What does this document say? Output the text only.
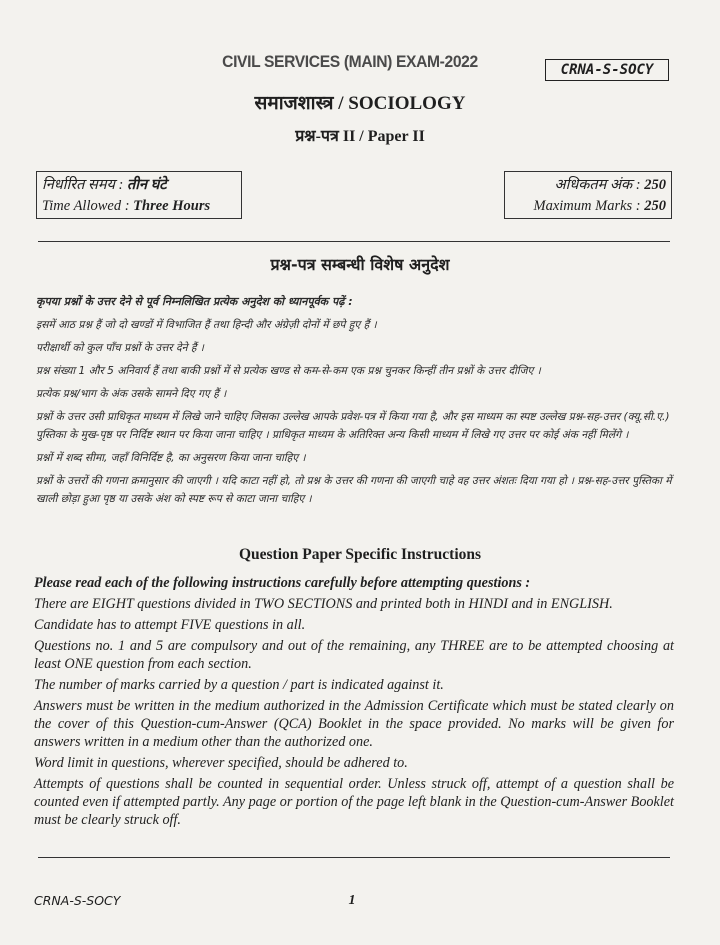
CIVIL SERVICES (MAIN) EXAM-2022	CRNA-S-SOCY
समाजशास्त्र / SOCIOLOGY
प्रश्न-पत्र II / Paper II
निर्धारित समय : तीन घंटे
Time Allowed : Three Hours
अधिकतम अंक : 250
Maximum Marks : 250
प्रश्न-पत्र सम्बन्धी विशेष अनुदेश

कृपया प्रश्नों के उत्तर देने से पूर्व निम्नलिखित प्रत्येक अनुदेश को ध्यानपूर्वक पढ़ें :

इसमें आठ प्रश्न हैं जो दो खण्डों में विभाजित हैं तथा हिन्दी और अंग्रेज़ी दोनों में छपे हुए हैं ।

परीक्षार्थी को कुल पाँच प्रश्नों के उत्तर देने हैं ।

प्रश्न संख्या 1 और 5 अनिवार्य हैं तथा बाकी प्रश्नों में से प्रत्येक खण्ड से कम-से-कम एक प्रश्न चुनकर किन्हीं तीन प्रश्नों के उत्तर दीजिए ।

प्रत्येक प्रश्न/भाग के अंक उसके सामने दिए गए हैं ।

प्रश्नों के उत्तर उसी प्राधिकृत माध्यम में लिखे जाने चाहिए जिसका उल्लेख आपके प्रवेश-पत्र में किया गया है, और इस माध्यम का स्पष्ट उल्लेख प्रश्न-सह-उत्तर (क्यू.सी.ए.) पुस्तिका के मुख-पृष्ठ पर निर्दिष्ट स्थान पर किया जाना चाहिए । प्राधिकृत माध्यम के अतिरिक्त अन्य किसी माध्यम में लिखे गए उत्तर पर कोई अंक नहीं मिलेंगे ।

प्रश्नों में शब्द सीमा, जहाँ विनिर्दिष्ट है, का अनुसरण किया जाना चाहिए ।

प्रश्नों के उत्तरों की गणना क्रमानुसार की जाएगी । यदि काटा नहीं हो, तो प्रश्न के उत्तर की गणना की जाएगी चाहे वह उत्तर अंशतः दिया गया हो । प्रश्न-सह-उत्तर पुस्तिका में खाली छोड़ा हुआ पृष्ठ या उसके अंश को स्पष्ट रूप से काटा जाना चाहिए ।

Question Paper Specific Instructions

Please read each of the following instructions carefully before attempting questions :

There are EIGHT questions divided in TWO SECTIONS and printed both in HINDI and in ENGLISH.

Candidate has to attempt FIVE questions in all.

Questions no. 1 and 5 are compulsory and out of the remaining, any THREE are to be attempted choosing at least ONE question from each section.

The number of marks carried by a question / part is indicated against it.

Answers must be written in the medium authorized in the Admission Certificate which must be stated clearly on the cover of this Question-cum-Answer (QCA) Booklet in the space provided. No marks will be given for answers written in a medium other than the authorized one.

Word limit in questions, wherever specified, should be adhered to.

Attempts of questions shall be counted in sequential order. Unless struck off, attempt of a question shall be counted even if attempted partly. Any page or portion of the page left blank in the Question-cum-Answer Booklet must be clearly struck off.

CRNA-S-SOCY	1
